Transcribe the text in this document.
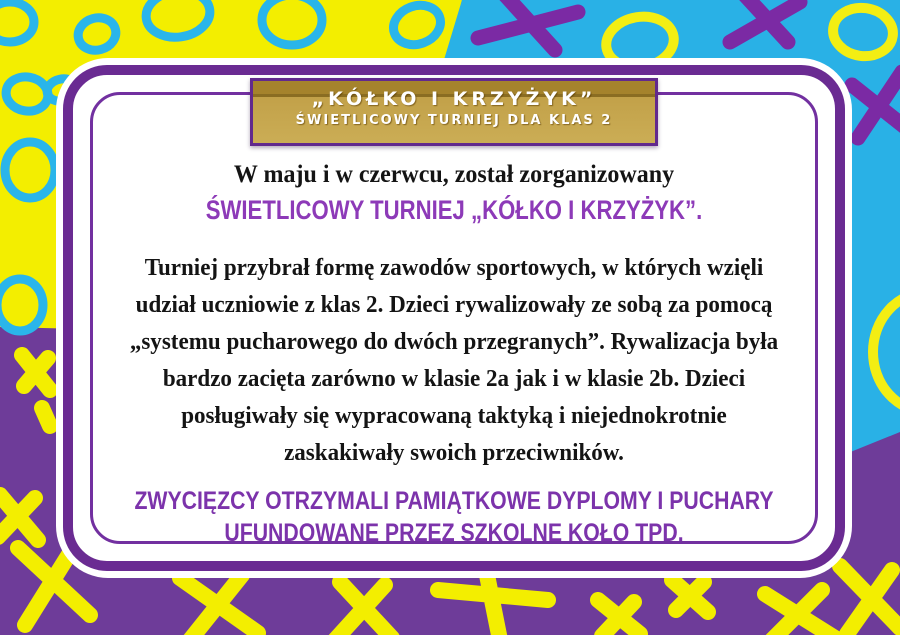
„KÓŁKO I KRZYŻYK”
ŚWIETLICOWY TURNIEJ DLA KLAS 2
W maju i w czerwcu, został zorganizowany
ŚWIETLICOWY TURNIEJ „KÓŁKO I KRZYŻYK”.
Turniej przybrał formę zawodów sportowych, w których wzięli
udział uczniowie z klas 2. Dzieci rywalizowały ze sobą za pomocą
„systemu pucharowego do dwóch przegranych”. Rywalizacja była
bardzo zacięta zarówno w klasie 2a jak i w klasie 2b. Dzieci
posługiwały się wypracowaną taktyką i niejednokrotnie
zaskakiwały swoich przeciwników.
ZWYCIĘZCY OTRZYMALI PAMIĄTKOWE DYPLOMY I PUCHARY
UFUNDOWANE PRZEZ SZKOLNE KOŁO TPD.
